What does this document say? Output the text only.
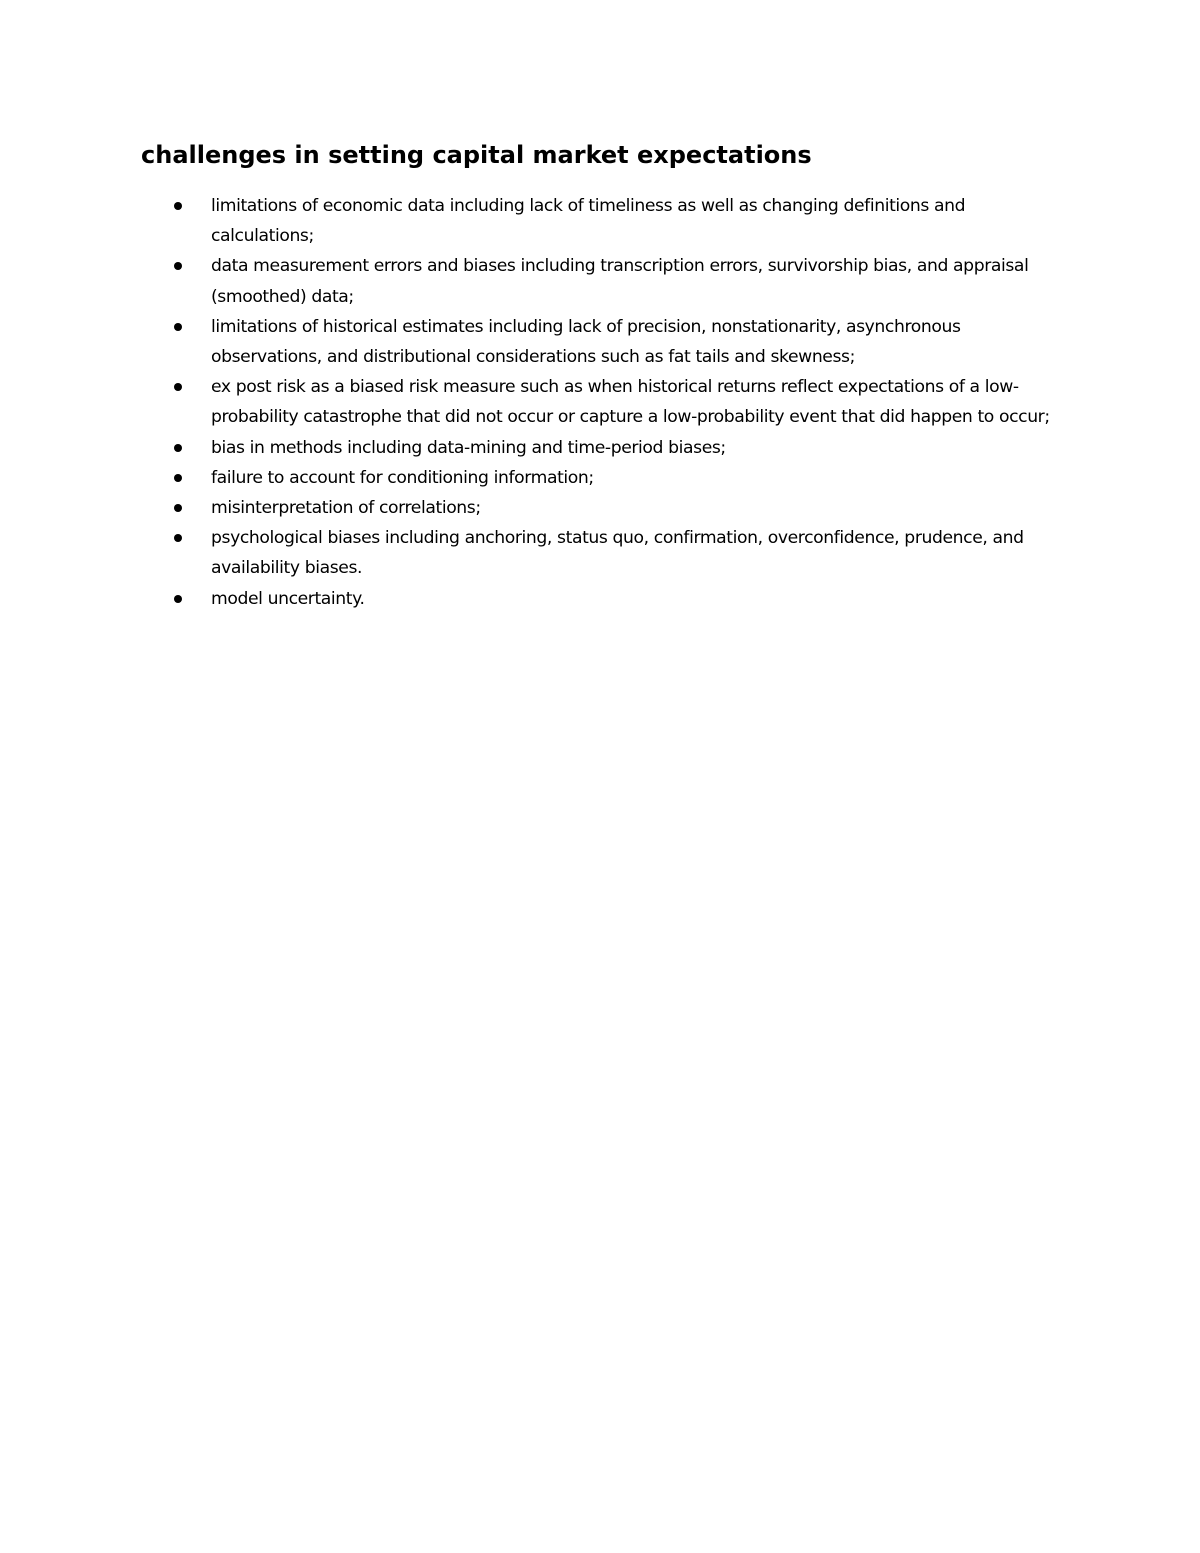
challenges in setting capital market expectations
limitations of economic data including lack of timeliness as well as changing definitions and calculations;
data measurement errors and biases including transcription errors, survivorship bias, and appraisal (smoothed) data;
limitations of historical estimates including lack of precision, nonstationarity, asynchronous observations, and distributional considerations such as fat tails and skewness;
ex post risk as a biased risk measure such as when historical returns reflect expectations of a low-probability catastrophe that did not occur or capture a low-probability event that did happen to occur;
bias in methods including data-mining and time-period biases;
failure to account for conditioning information;
misinterpretation of correlations;
psychological biases including anchoring, status quo, confirmation, overconfidence, prudence, and availability biases.
model uncertainty.
